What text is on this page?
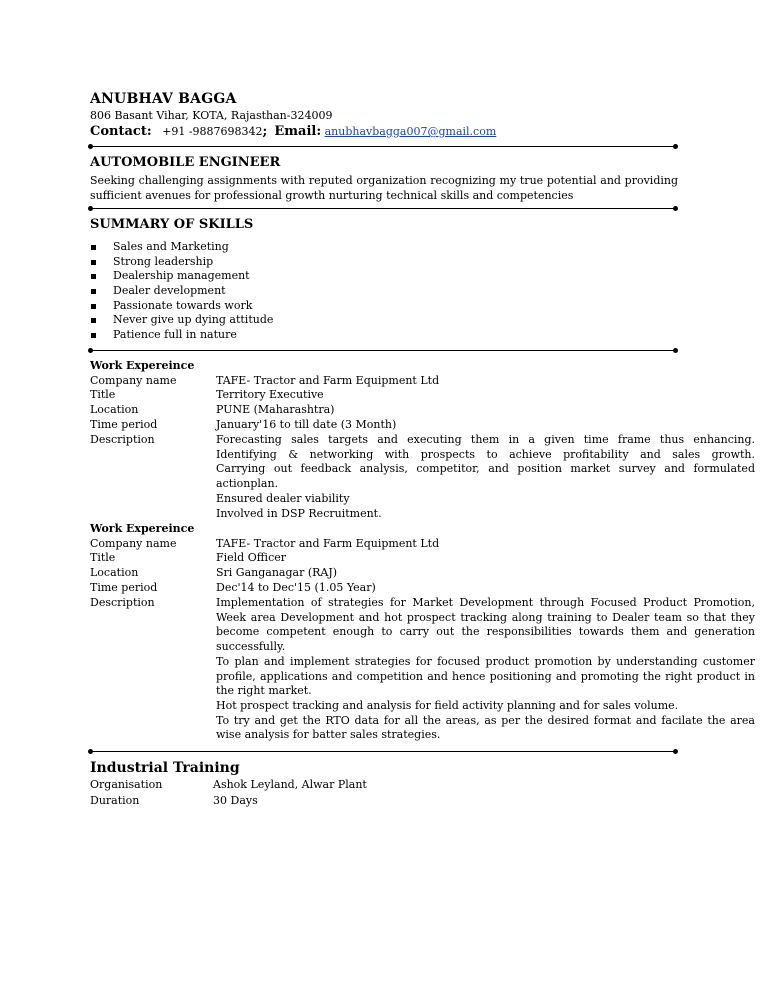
ANUBHAV BAGGA
806 Basant Vihar, KOTA, Rajasthan-324009
Contact: +91 -9887698342; Email: anubhavbagga007@gmail.com
AUTOMOBILE ENGINEER
Seeking challenging assignments with reputed organization recognizing my true potential and providing sufficient avenues for professional growth nurturing technical skills and competencies
SUMMARY OF SKILLS
Sales and Marketing
Strong leadership
Dealership management
Dealer development
Passionate towards work
Never give up dying attitude
Patience full in nature
Work Expereince
Company name	TAFE- Tractor and Farm Equipment Ltd
Title	Territory Executive
Location	PUNE (Maharashtra)
Time period	January'16 to till date (3 Month)
Description	Forecasting sales targets and executing them in a given time frame thus enhancing.

Identifying & networking with prospects to achieve profitability and sales growth.

Carrying out feedback analysis, competitor, and position market survey and formulated actionplan.

Ensured dealer viability

Involved in DSP Recruitment.

Work Expereince
Company name	TAFE- Tractor and Farm Equipment Ltd
Title	Field Officer
Location	Sri Ganganagar (RAJ)
Time period	Dec'14 to Dec'15 (1.05 Year)
Description	Implementation of strategies for Market Development through Focused Product Promotion, Week area Development and hot prospect tracking along training to Dealer team so that they become competent enough to carry out the responsibilities towards them and generation successfully.

To plan and implement strategies for focused product promotion by understanding customer profile, applications and competition and hence positioning and promoting the right product in the right market.

Hot prospect tracking and analysis for field activity planning and for sales volume.

To try and get the RTO data for all the areas, as per the desired format and facilate the area wise analysis for batter sales strategies.

Industrial Training
Organisation	Ashok Leyland, Alwar Plant
Duration	30 Days
